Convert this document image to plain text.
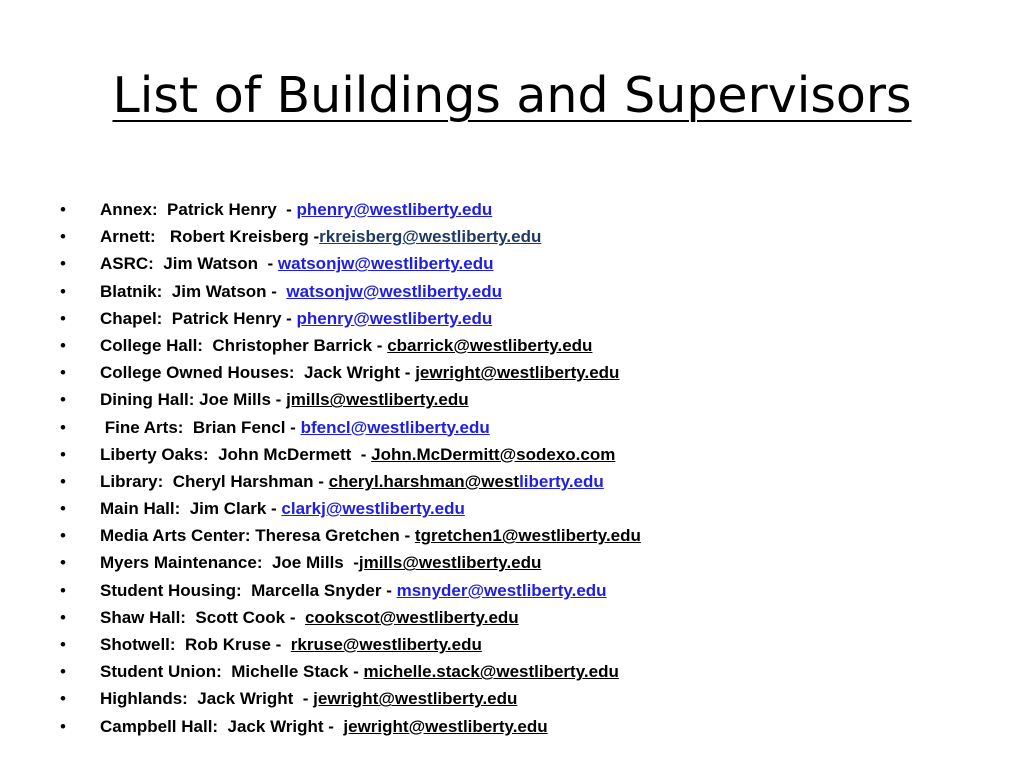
List of Buildings and Supervisors
•	Annex:  Patrick Henry  - phenry@westliberty.edu
•	Arnett:   Robert Kreisberg -rkreisberg@westliberty.edu
•	ASRC:  Jim Watson  - watsonjw@westliberty.edu
•	Blatnik:  Jim Watson -  watsonjw@westliberty.edu
•	Chapel:  Patrick Henry - phenry@westliberty.edu
•	College Hall:  Christopher Barrick - cbarrick@westliberty.edu
•	College Owned Houses:  Jack Wright - jewright@westliberty.edu
•	Dining Hall: Joe Mills - jmills@westliberty.edu
•	Fine Arts:  Brian Fencl - bfencl@westliberty.edu
•	Liberty Oaks:  John McDermett  - John.McDermitt@sodexo.com
•	Library:  Cheryl Harshman - cheryl.harshman@westliberty.edu
•	Main Hall:  Jim Clark - clarkj@westliberty.edu
•	Media Arts Center: Theresa Gretchen - tgretchen1@westliberty.edu
•	Myers Maintenance:  Joe Mills  -jmills@westliberty.edu
•	Student Housing:  Marcella Snyder - msnyder@westliberty.edu
•	Shaw Hall:  Scott Cook -  cookscot@westliberty.edu
•	Shotwell:  Rob Kruse -  rkruse@westliberty.edu
•	Student Union:  Michelle Stack - michelle.stack@westliberty.edu
•	Highlands:  Jack Wright  - jewright@westliberty.edu
•	Campbell Hall:  Jack Wright -  jewright@westliberty.edu
